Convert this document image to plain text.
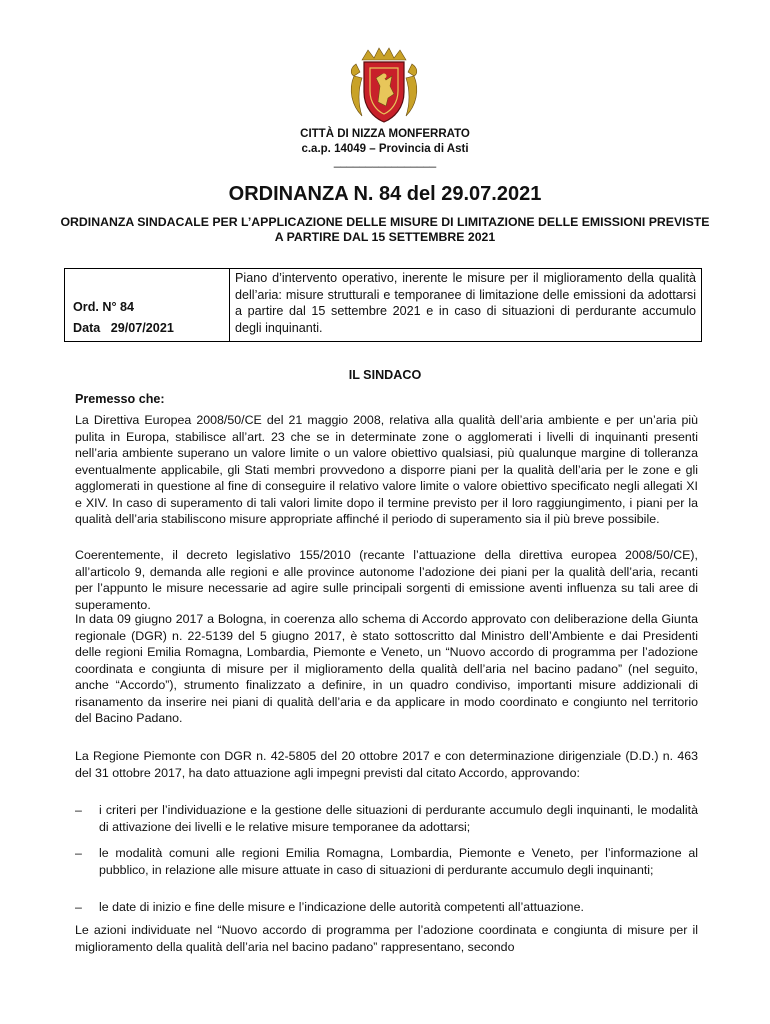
CITTÀ DI NIZZA MONFERRATO
c.a.p. 14049 – Provincia di Asti
________________
ORDINANZA N. 84 del 29.07.2021
ORDINANZA SINDACALE PER L’APPLICAZIONE DELLE MISURE DI LIMITAZIONE DELLE EMISSIONI PREVISTE A PARTIRE DAL 15 SETTEMBRE 2021
Ord. N° 84
Data   29/07/2021
	Piano d’intervento operativo, inerente le misure per il miglioramento della qualità dell’aria: misure strutturali e temporanee di limitazione delle emissioni da adottarsi a partire dal 15 settembre 2021 e in caso di situazioni di perdurante accumulo degli inquinanti.
IL SINDACO
Premesso che:
La Direttiva Europea 2008/50/CE del 21 maggio 2008, relativa alla qualità dell’aria ambiente e per un’aria più pulita in Europa, stabilisce all’art. 23 che se in determinate zone o agglomerati i livelli di inquinanti presenti nell’aria ambiente superano un valore limite o un valore obiettivo qualsiasi, più qualunque margine di tolleranza eventualmente applicabile, gli Stati membri provvedono a disporre piani per la qualità dell’aria per le zone e gli agglomerati in questione al fine di conseguire il relativo valore limite o valore obiettivo specificato negli allegati XI e XIV. In caso di superamento di tali valori limite dopo il termine previsto per il loro raggiungimento, i piani per la qualità dell’aria stabiliscono misure appropriate affinché il periodo di superamento sia il più breve possibile.
Coerentemente, il decreto legislativo 155/2010 (recante l’attuazione della direttiva europea 2008/50/CE), all’articolo 9, demanda alle regioni e alle province autonome l’adozione dei piani per la qualità dell’aria, recanti per l’appunto le misure necessarie ad agire sulle principali sorgenti di emissione aventi influenza su tali aree di superamento.
In data 09 giugno 2017 a Bologna, in coerenza allo schema di Accordo approvato con deliberazione della Giunta regionale (DGR) n. 22-5139 del 5 giugno 2017, è stato sottoscritto dal Ministro dell’Ambiente e dai Presidenti delle regioni Emilia Romagna, Lombardia, Piemonte e Veneto, un “Nuovo accordo di programma per l’adozione coordinata e congiunta di misure per il miglioramento della qualità dell’aria nel bacino padano” (nel seguito, anche “Accordo”), strumento finalizzato a definire, in un quadro condiviso, importanti misure addizionali di risanamento da inserire nei piani di qualità dell’aria e da applicare in modo coordinato e congiunto nel territorio del Bacino Padano.
La Regione Piemonte con DGR n. 42-5805 del 20 ottobre 2017 e con determinazione dirigenziale (D.D.) n. 463 del 31 ottobre 2017, ha dato attuazione agli impegni previsti dal citato Accordo, approvando:
– i criteri per l’individuazione e la gestione delle situazioni di perdurante accumulo degli inquinanti, le modalità di attivazione dei livelli e le relative misure temporanee da adottarsi;
– le modalità comuni alle regioni Emilia Romagna, Lombardia, Piemonte e Veneto, per l’informazione al pubblico, in relazione alle misure attuate in caso di situazioni di perdurante accumulo degli inquinanti;
– le date di inizio e fine delle misure e l’indicazione delle autorità competenti all’attuazione.
Le azioni individuate nel “Nuovo accordo di programma per l’adozione coordinata e congiunta di misure per il miglioramento della qualità dell’aria nel bacino padano” rappresentano, secondo
